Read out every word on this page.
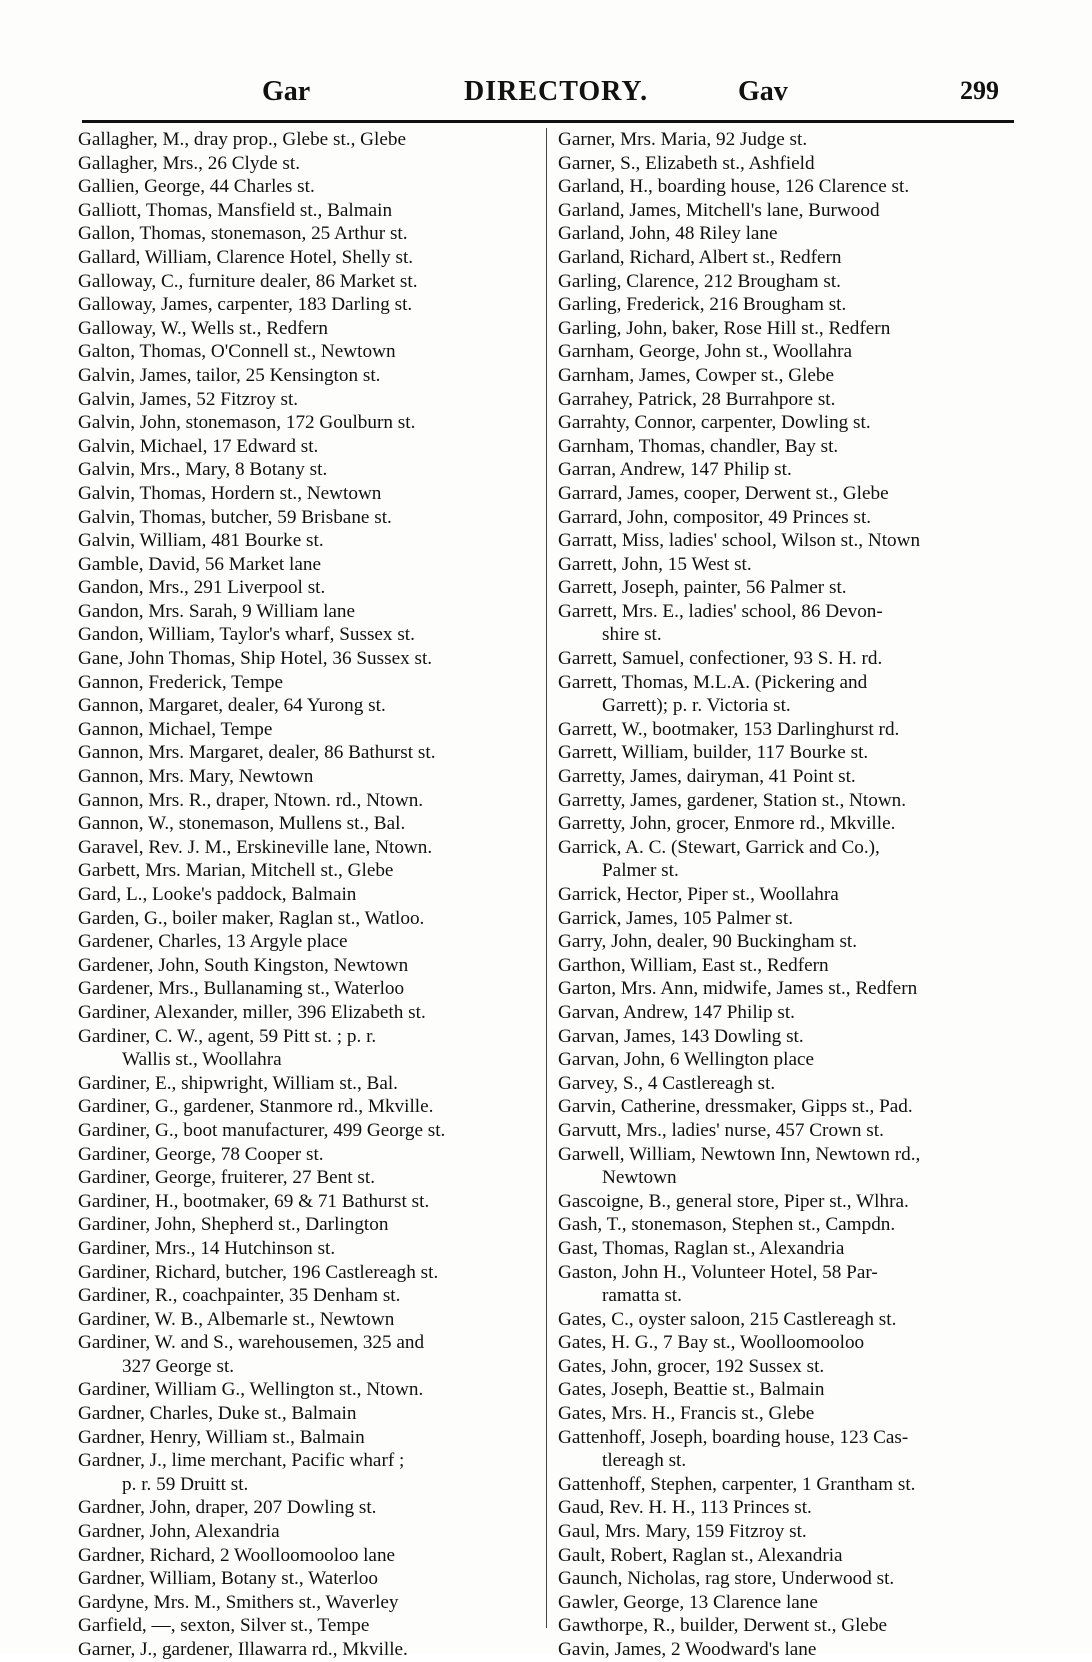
Gar	DIRECTORY.	Gav	299
Gallagher, M., dray prop., Glebe st., Glebe
Gallagher, Mrs., 26 Clyde st.
Gallien, George, 44 Charles st.
Galliott, Thomas, Mansfield st., Balmain
Gallon, Thomas, stonemason, 25 Arthur st.
Gallard, William, Clarence Hotel, Shelly st.
Galloway, C., furniture dealer, 86 Market st.
Galloway, James, carpenter, 183 Darling st.
Galloway, W., Wells st., Redfern
Galton, Thomas, O'Connell st., Newtown
Galvin, James, tailor, 25 Kensington st.
Galvin, James, 52 Fitzroy st.
Galvin, John, stonemason, 172 Goulburn st.
Galvin, Michael, 17 Edward st.
Galvin, Mrs., Mary, 8 Botany st.
Galvin, Thomas, Hordern st., Newtown
Galvin, Thomas, butcher, 59 Brisbane st.
Galvin, William, 481 Bourke st.
Gamble, David, 56 Market lane
Gandon, Mrs., 291 Liverpool st.
Gandon, Mrs. Sarah, 9 William lane
Gandon, William, Taylor's wharf, Sussex st.
Gane, John Thomas, Ship Hotel, 36 Sussex st.
Gannon, Frederick, Tempe
Gannon, Margaret, dealer, 64 Yurong st.
Gannon, Michael, Tempe
Gannon, Mrs. Margaret, dealer, 86 Bathurst st.
Gannon, Mrs. Mary, Newtown
Gannon, Mrs. R., draper, Ntown. rd., Ntown.
Gannon, W., stonemason, Mullens st., Bal.
Garavel, Rev. J. M., Erskineville lane, Ntown.
Garbett, Mrs. Marian, Mitchell st., Glebe
Gard, L., Looke's paddock, Balmain
Garden, G., boiler maker, Raglan st., Watloo.
Gardener, Charles, 13 Argyle place
Gardener, John, South Kingston, Newtown
Gardener, Mrs., Bullanaming st., Waterloo
Gardiner, Alexander, miller, 396 Elizabeth st.
Gardiner, C. W., agent, 59 Pitt st. ; p. r.
Wallis st., Woollahra
Gardiner, E., shipwright, William st., Bal.
Gardiner, G., gardener, Stanmore rd., Mkville.
Gardiner, G., boot manufacturer, 499 George st.
Gardiner, George, 78 Cooper st.
Gardiner, George, fruiterer, 27 Bent st.
Gardiner, H., bootmaker, 69 & 71 Bathurst st.
Gardiner, John, Shepherd st., Darlington
Gardiner, Mrs., 14 Hutchinson st.
Gardiner, Richard, butcher, 196 Castlereagh st.
Gardiner, R., coachpainter, 35 Denham st.
Gardiner, W. B., Albemarle st., Newtown
Gardiner, W. and S., warehousemen, 325 and
327 George st.
Gardiner, William G., Wellington st., Ntown.
Gardner, Charles, Duke st., Balmain
Gardner, Henry, William st., Balmain
Gardner, J., lime merchant, Pacific wharf ;
p. r. 59 Druitt st.
Gardner, John, draper, 207 Dowling st.
Gardner, John, Alexandria
Gardner, Richard, 2 Woolloomooloo lane
Gardner, William, Botany st., Waterloo
Gardyne, Mrs. M., Smithers st., Waverley
Garfield, —, sexton, Silver st., Tempe
Garner, J., gardener, Illawarra rd., Mkville.
Garner, Mrs. Maria, 92 Judge st.
Garner, S., Elizabeth st., Ashfield
Garland, H., boarding house, 126 Clarence st.
Garland, James, Mitchell's lane, Burwood
Garland, John, 48 Riley lane
Garland, Richard, Albert st., Redfern
Garling, Clarence, 212 Brougham st.
Garling, Frederick, 216 Brougham st.
Garling, John, baker, Rose Hill st., Redfern
Garnham, George, John st., Woollahra
Garnham, James, Cowper st., Glebe
Garrahey, Patrick, 28 Burrahpore st.
Garrahty, Connor, carpenter, Dowling st.
Garnham, Thomas, chandler, Bay st.
Garran, Andrew, 147 Philip st.
Garrard, James, cooper, Derwent st., Glebe
Garrard, John, compositor, 49 Princes st.
Garratt, Miss, ladies' school, Wilson st., Ntown
Garrett, John, 15 West st.
Garrett, Joseph, painter, 56 Palmer st.
Garrett, Mrs. E., ladies' school, 86 Devon-
shire st.
Garrett, Samuel, confectioner, 93 S. H. rd.
Garrett, Thomas, M.L.A. (Pickering and
Garrett); p. r. Victoria st.
Garrett, W., bootmaker, 153 Darlinghurst rd.
Garrett, William, builder, 117 Bourke st.
Garretty, James, dairyman, 41 Point st.
Garretty, James, gardener, Station st., Ntown.
Garretty, John, grocer, Enmore rd., Mkville.
Garrick, A. C. (Stewart, Garrick and Co.),
Palmer st.
Garrick, Hector, Piper st., Woollahra
Garrick, James, 105 Palmer st.
Garry, John, dealer, 90 Buckingham st.
Garthon, William, East st., Redfern
Garton, Mrs. Ann, midwife, James st., Redfern
Garvan, Andrew, 147 Philip st.
Garvan, James, 143 Dowling st.
Garvan, John, 6 Wellington place
Garvey, S., 4 Castlereagh st.
Garvin, Catherine, dressmaker, Gipps st., Pad.
Garvutt, Mrs., ladies' nurse, 457 Crown st.
Garwell, William, Newtown Inn, Newtown rd.,
Newtown
Gascoigne, B., general store, Piper st., Wlhra.
Gash, T., stonemason, Stephen st., Campdn.
Gast, Thomas, Raglan st., Alexandria
Gaston, John H., Volunteer Hotel, 58 Par-
ramatta st.
Gates, C., oyster saloon, 215 Castlereagh st.
Gates, H. G., 7 Bay st., Woolloomooloo
Gates, John, grocer, 192 Sussex st.
Gates, Joseph, Beattie st., Balmain
Gates, Mrs. H., Francis st., Glebe
Gattenhoff, Joseph, boarding house, 123 Cas-
tlereagh st.
Gattenhoff, Stephen, carpenter, 1 Grantham st.
Gaud, Rev. H. H., 113 Princes st.
Gaul, Mrs. Mary, 159 Fitzroy st.
Gault, Robert, Raglan st., Alexandria
Gaunch, Nicholas, rag store, Underwood st.
Gawler, George, 13 Clarence lane
Gawthorpe, R., builder, Derwent st., Glebe
Gavin, James, 2 Woodward's lane
